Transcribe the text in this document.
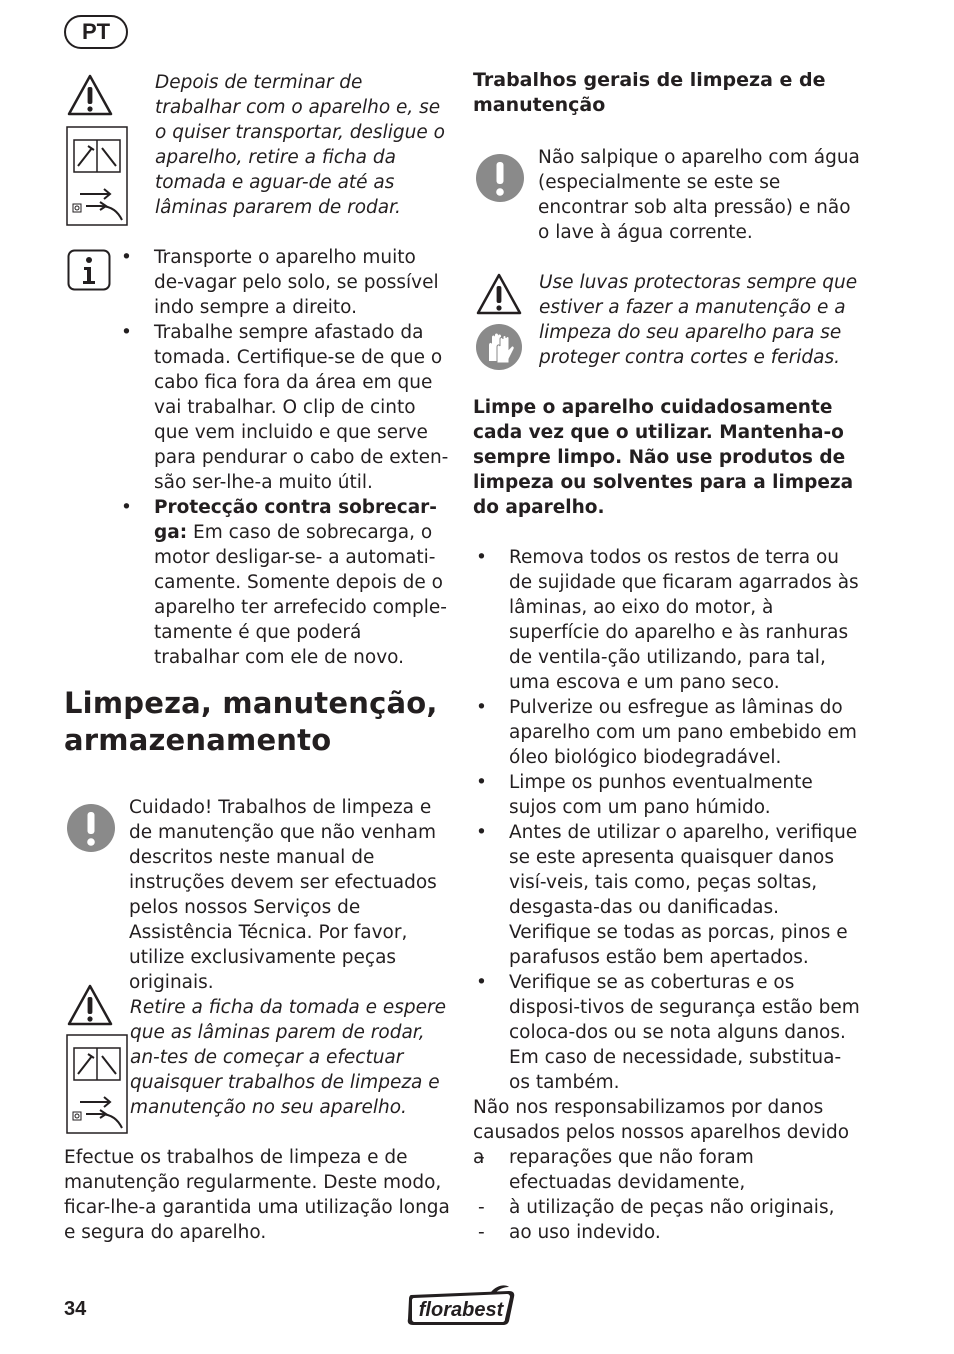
PT

Depois de terminar de trabalhar com o aparelho e, se o quiser transportar, desligue o aparelho, retire a ficha da tomada e aguar-de até as lâminas pararem de rodar.

• Transporte o aparelho muito de-vagar pelo solo, se possível indo sempre a direito.
• Trabalhe sempre afastado da tomada. Certifique-se de que o cabo fica fora da área em que vai trabalhar. O clip de cinto que vem incluido e que serve para pendurar o cabo de exten-são ser-lhe-a muito útil.
• Protecção contra sobrecar-ga: Em caso de sobrecarga, o motor desligar-se- a automati-camente. Somente depois de o aparelho ter arrefecido comple-tamente é que poderá trabalhar com ele de novo.
Limpeza, manutenção, armazenamento

Cuidado! Trabalhos de limpeza e de manutenção que não venham descritos neste manual de instruções devem ser efectuados pelos nossos Serviços de Assistência Técnica. Por favor, utilize exclusivamente peças originais.

Retire a ficha da tomada e espere que as lâminas parem de rodar, an-tes de começar a efectuar quaisquer trabalhos de limpeza e manutenção no seu aparelho.

Efectue os trabalhos de limpeza e de manutenção regularmente. Deste modo, ficar-lhe-a garantida uma utilização longa e segura do aparelho.

Trabalhos gerais de limpeza e de manutenção

Não salpique o aparelho com água (especialmente se este se encontrar sob alta pressão) e não o lave à água corrente.

Use luvas protectoras sempre que estiver a fazer a manutenção e a limpeza do seu aparelho para se proteger contra cortes e feridas.

Limpe o aparelho cuidadosamente cada vez que o utilizar. Mantenha-o sempre limpo. Não use produtos de limpeza ou solventes para a limpeza do aparelho.

• Remova todos os restos de terra ou de sujidade que ficaram agarrados às lâminas, ao eixo do motor, à superfície do aparelho e às ranhuras de ventila-ção utilizando, para tal, uma escova e um pano seco.
• Pulverize ou esfregue as lâminas do aparelho com um pano embebido em óleo biológico biodegradável.
• Limpe os punhos eventualmente sujos com um pano húmido.
• Antes de utilizar o aparelho, verifique se este apresenta quaisquer danos visí-veis, tais como, peças soltas, desgasta-das ou danificadas. Verifique se todas as porcas, pinos e parafusos estão bem apertados.
• Verifique se as coberturas e os disposi-tivos de segurança estão bem coloca-dos ou se nota alguns danos. Em caso de necessidade, substitua-os também.

Não nos responsabilizamos por danos causados pelos nossos aparelhos devido a

-	reparações que não foram efectuadas devidamente,
- à utilização de peças não originais,
- ao uso indevido.
34	florabest
